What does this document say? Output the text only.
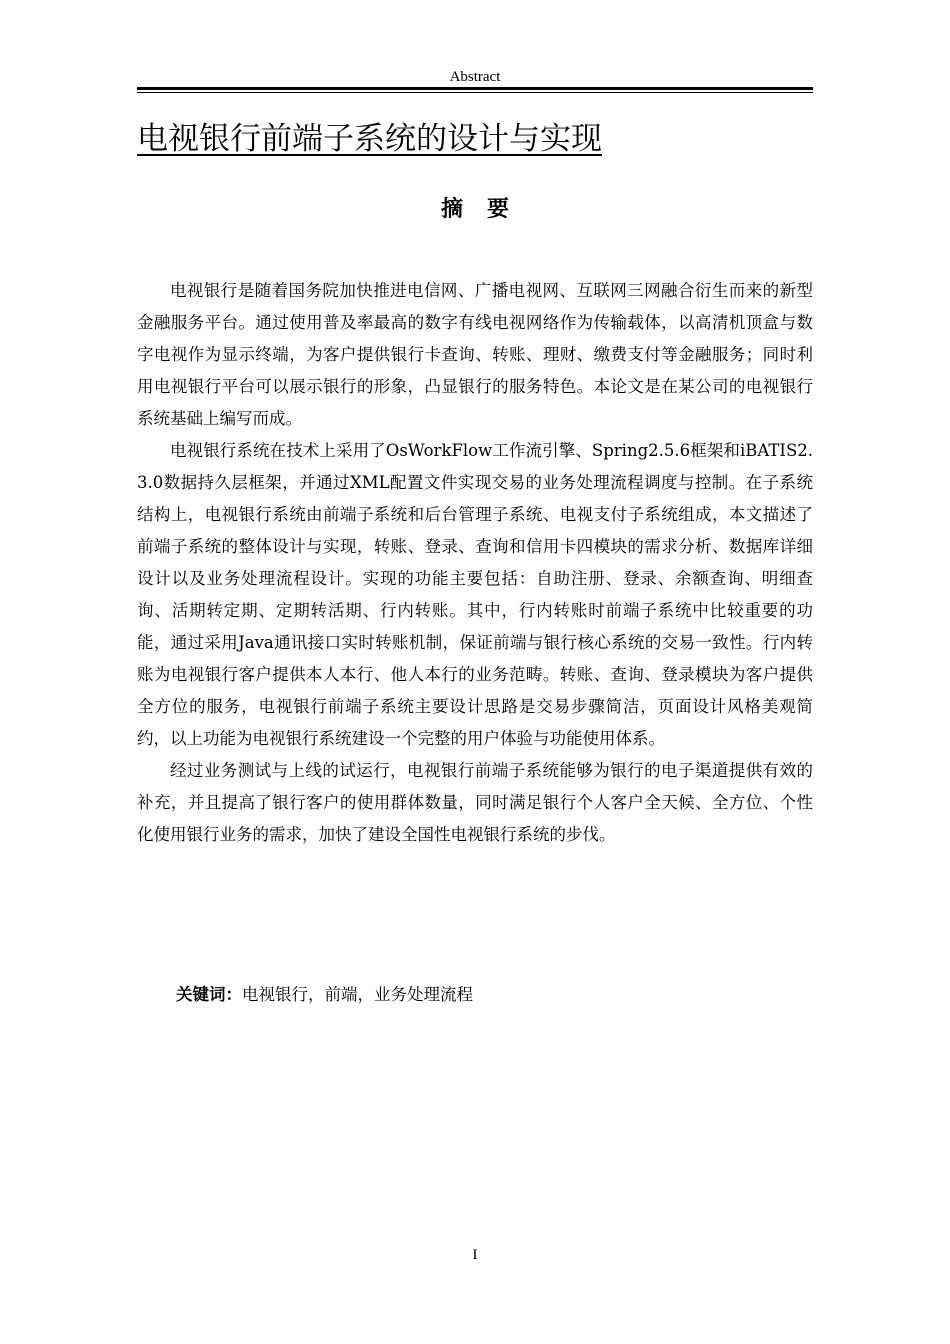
Abstract
电视银行前端子系统的设计与实现
摘要

电视银行是随着国务院加快推进电信网、广播电视网、互联网三网融合衍生而来的新型金融服务平台。通过使用普及率最高的数字有线电视网络作为传输载体，以高清机顶盒与数字电视作为显示终端，为客户提供银行卡查询、转账、理财、缴费支付等金融服务；同时利用电视银行平台可以展示银行的形象，凸显银行的服务特色。本论文是在某公司的电视银行系统基础上编写而成。

电视银行系统在技术上采用了OsWorkFlow工作流引擎、Spring2.5.6框架和iBATIS2.3.0数据持久层框架，并通过XML配置文件实现交易的业务处理流程调度与控制。在子系统结构上，电视银行系统由前端子系统和后台管理子系统、电视支付子系统组成，本文描述了前端子系统的整体设计与实现，转账、登录、查询和信用卡四模块的需求分析、数据库详细设计以及业务处理流程设计。实现的功能主要包括：自助注册、登录、余额查询、明细查询、活期转定期、定期转活期、行内转账。其中，行内转账时前端子系统中比较重要的功能，通过采用Java通讯接口实时转账机制，保证前端与银行核心系统的交易一致性。行内转账为电视银行客户提供本人本行、他人本行的业务范畴。转账、查询、登录模块为客户提供全方位的服务，电视银行前端子系统主要设计思路是交易步骤简洁，页面设计风格美观简约，以上功能为电视银行系统建设一个完整的用户体验与功能使用体系。

经过业务测试与上线的试运行，电视银行前端子系统能够为银行的电子渠道提供有效的补充，并且提高了银行客户的使用群体数量，同时满足银行个人客户全天候、全方位、个性化使用银行业务的需求，加快了建设全国性电视银行系统的步伐。

关键词：电视银行，前端，业务处理流程
I
